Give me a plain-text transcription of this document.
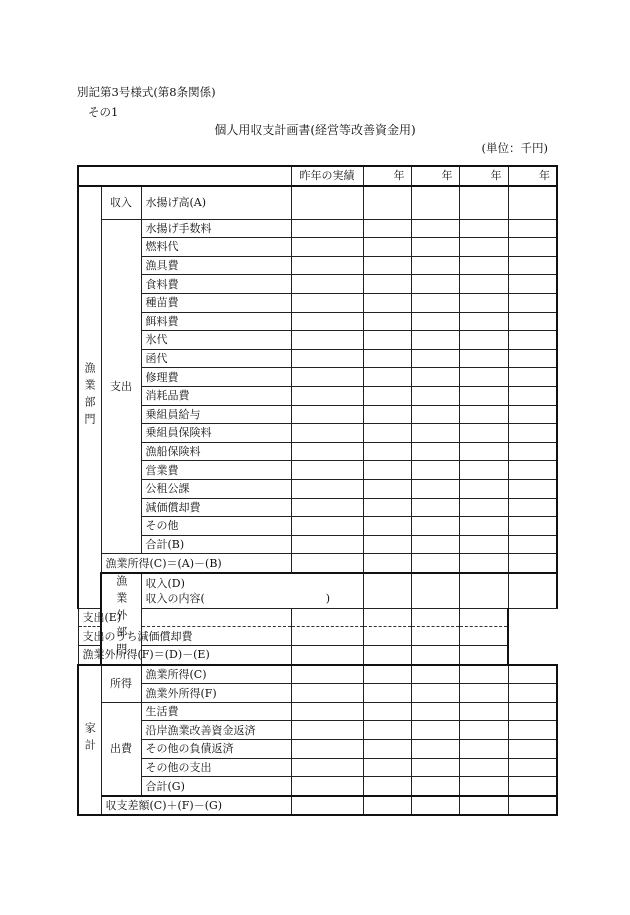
別記第3号様式(第8条関係)
その1
個人用収支計画書(経営等改善資金用)
(単位：千円)
			昨年の実績	年	年	年	年	
漁業部門	収入	水揚げ高(A)						
	支出	水揚げ手数料						
		燃料代						
		漁具費						
		食料費						
		種苗費						
		餌料費						
		氷代						
		函代						
		修理費						
		消耗品費						
		乗組員給与						
		乗組員保険料						
		漁船保険料						
		営業費						
		公租公課						
		減価償却費						
		その他						
		合計(B)						
	漁業所得(C)＝(A)－(B)							
	漁業外部門	収入(D)
収入の内容(　　　　　　　　　　　)						

支出(E)								
支出のうち減価償却費								
漁業外所得(F)＝(D)－(E)								
家計	所得	漁業所得(C)						
		漁業外所得(F)						
	出費	生活費						
		沿岸漁業改善資金返済						
		その他の負債返済						
		その他の支出						
		合計(G)						
	収支差額(C)＋(F)－(G)							
